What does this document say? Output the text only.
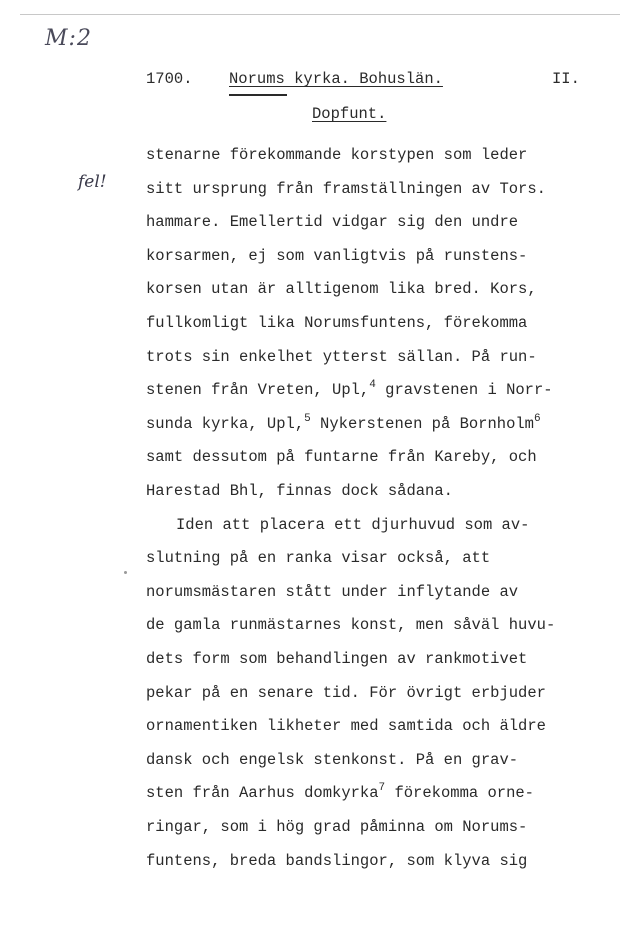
M:2
fel!
1700. Norums kyrka. Bohuslän.	II.
Dopfunt.
stenarne förekommande korstypen som leder
sitt ursprung från framställningen av Tors.
hammare. Emellertid vidgar sig den undre
korsarmen, ej som vanligtvis på runstens-
korsen utan är alltigenom lika bred. Kors,
fullkomligt lika Norumsfuntens, förekomma
trots sin enkelhet ytterst sällan. På run-
stenen från Vreten, Upl,$^4$ gravstenen i Norr-
sunda kyrka, Upl,$^5$ Nykerstenen på Bornholm$^6$
samt dessutom på funtarne från Kareby, och
Harestad Bhl, finnas dock sådana.
Iden att placera ett djurhuvud som av-
slutning på en ranka visar också, att
norumsmästaren stått under inflytande av
de gamla runmästarnes konst, men såväl huvu-
dets form som behandlingen av rankmotivet
pekar på en senare tid. För övrigt erbjuder
ornamentiken likheter med samtida och äldre
dansk och engelsk stenkonst. På en grav-
sten från Aarhus domkyrka$^7$ förekomma orne-
ringar, som i hög grad påminna om Norums-
funtens, breda bandslingor, som klyva sig
